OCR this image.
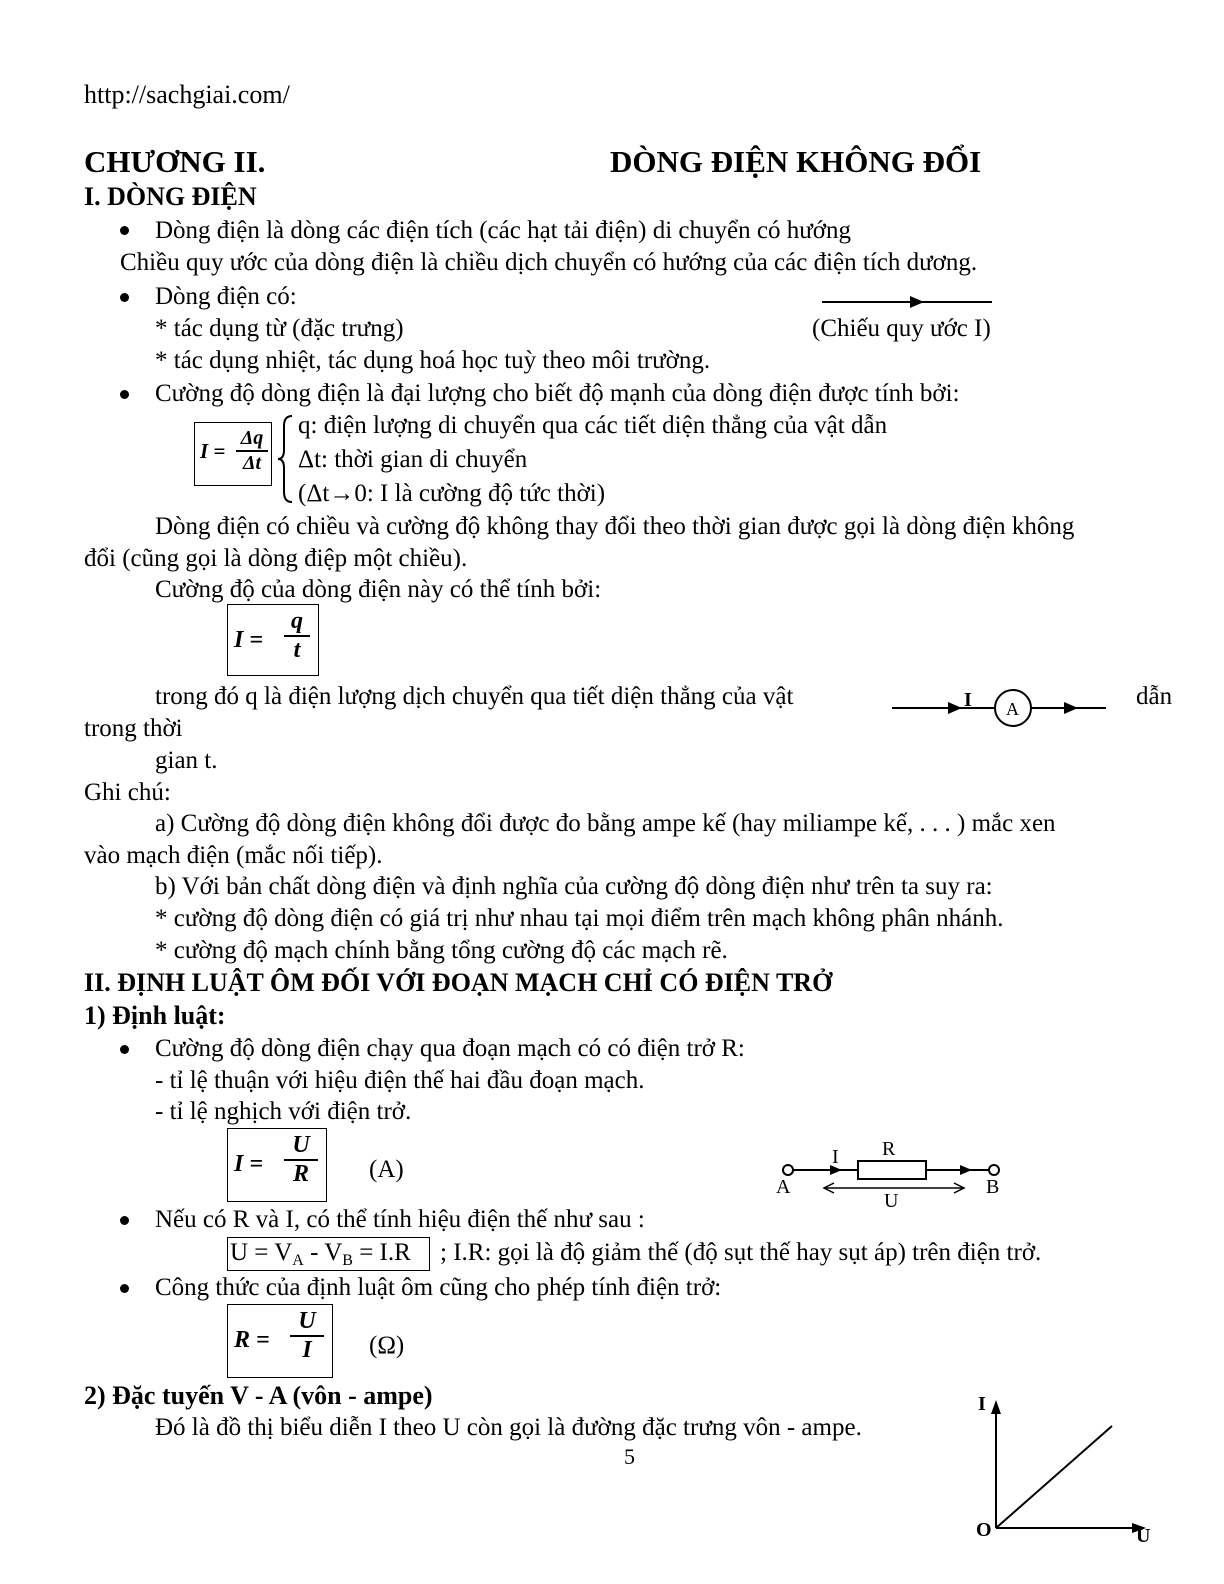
http://sachgiai.com/
CHƯƠNG II.	DÒNG ĐIỆN KHÔNG ĐỔI
I. DÒNG ĐIỆN
Dòng điện là dòng các điện tích (các hạt tải điện) di chuyển có hướng
Chiều quy ước của dòng điện là chiều dịch chuyển có hướng của các điện tích dương.
Dòng điện có:
* tác dụng từ (đặc trưng)
* tác dụng nhiệt, tác dụng hoá học tuỳ theo môi trường.
(Chiếu quy ước I)
Cường độ dòng điện là đại lượng cho biết độ mạnh của dòng điện được tính bởi:
I =
Δq
Δt
q: điện lượng di chuyển qua các tiết diện thẳng của vật dẫn
Δt: thời gian di chuyển
(Δt→0: I là cường độ tức thời)
Dòng điện có chiều và cường độ không thay đổi theo thời gian được gọi là dòng điện không
đổi (cũng gọi là dòng điệp một chiều).
Cường độ của dòng điện này có thể tính bởi:
I =
q
t
trong đó q là điện lượng dịch chuyển qua tiết diện thẳng của vật	dẫn
trong thời
gian t.
I A
Ghi chú:
a) Cường độ dòng điện không đổi được đo bằng ampe kế (hay miliampe kế, . . . ) mắc xen
vào mạch điện (mắc nối tiếp).
b) Với bản chất dòng điện và định nghĩa của cường độ dòng điện như trên ta suy ra:
* cường độ dòng điện có giá trị như nhau tại mọi điểm trên mạch không phân nhánh.
* cường độ mạch chính bằng tổng cường độ các mạch rẽ.
II. ĐỊNH LUẬT ÔM ĐỐI VỚI ĐOẠN MẠCH CHỈ CÓ ĐIỆN TRỞ
1) Định luật:
Cường độ dòng điện chạy qua đoạn mạch có có điện trở R:
- tỉ lệ thuận với hiệu điện thế hai đầu đoạn mạch.
- tỉ lệ nghịch với điện trở.
I =
U
R (A)	I R
A	B
U
Nếu có R và I, có thể tính hiệu điện thế như sau :
$U = V_A - V_B = I.R$ ; I.R: gọi là độ giảm thế (độ sụt thế hay sụt áp) trên điện trở.
Công thức của định luật ôm cũng cho phép tính điện trở:
R =
U
I (Ω)
2) Đặc tuyến V - A (vôn - ampe)
Đó là đồ thị biểu diễn I theo U còn gọi là đường đặc trưng vôn - ampe.
I
O	U
5
